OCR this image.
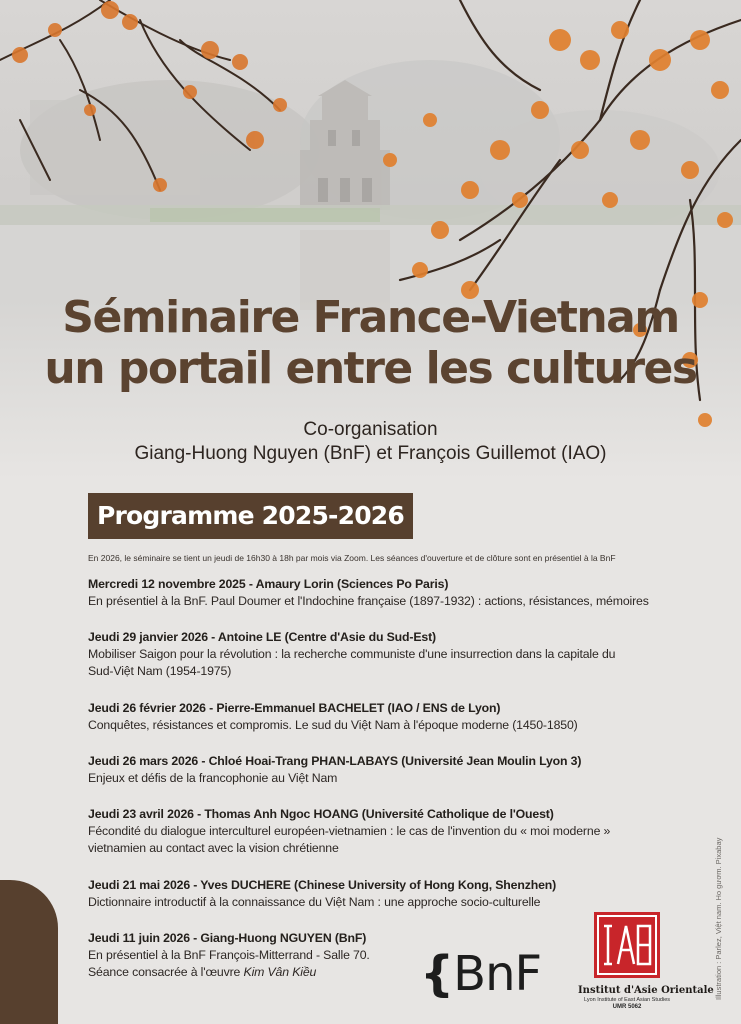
Séminaire France-Vietnam
un portail entre les cultures
Co-organisation
Giang-Huong Nguyen (BnF) et François Guillemot (IAO)
Programme 2025-2026
En 2026, le séminaire se tient un jeudi de 16h30 à 18h par mois via Zoom. Les séances d'ouverture et de clôture sont en présentiel à la BnF
Mercredi 12 novembre 2025 - Amaury Lorin (Sciences Po Paris)
En présentiel à la BnF. Paul Doumer et l'Indochine française (1897-1932) : actions, résistances, mémoires
Jeudi 29 janvier 2026 - Antoine LE (Centre d'Asie du Sud-Est)
Mobiliser Saigon pour la révolution : la recherche communiste d'une insurrection dans la capitale du
Sud-Việt Nam (1954-1975)
Jeudi 26 février 2026 - Pierre-Emmanuel BACHELET (IAO / ENS de Lyon)
Conquêtes, résistances et compromis. Le sud du Việt Nam à l'époque moderne (1450-1850)
Jeudi 26 mars 2026 - Chloé Hoai-Trang PHAN-LABAYS (Université Jean Moulin Lyon 3)
Enjeux et défis de la francophonie au Việt Nam
Jeudi 23 avril 2026 - Thomas Anh Ngoc HOANG (Université Catholique de l'Ouest)
Fécondité du dialogue interculturel européen-vietnamien : le cas de l'invention du « moi moderne »
vietnamien au contact avec la vision chrétienne
Jeudi 21 mai 2026 - Yves DUCHERE (Chinese University of Hong Kong, Shenzhen)
Dictionnaire introductif à la connaissance du Việt Nam : une approche socio-culturelle
Jeudi 11 juin 2026 - Giang-Huong NGUYEN (BnF)
En présentiel à la BnF François-Mitterrand - Salle 70.
Séance consacrée à l'œuvre Kim Vân Kiều	{BnF	Institut d'Asie Orientale
Lyon Institute of East Asian Studies
UMR 5062
Illustration : Parlez, Việt nam. Ho gươm. Pixabay
